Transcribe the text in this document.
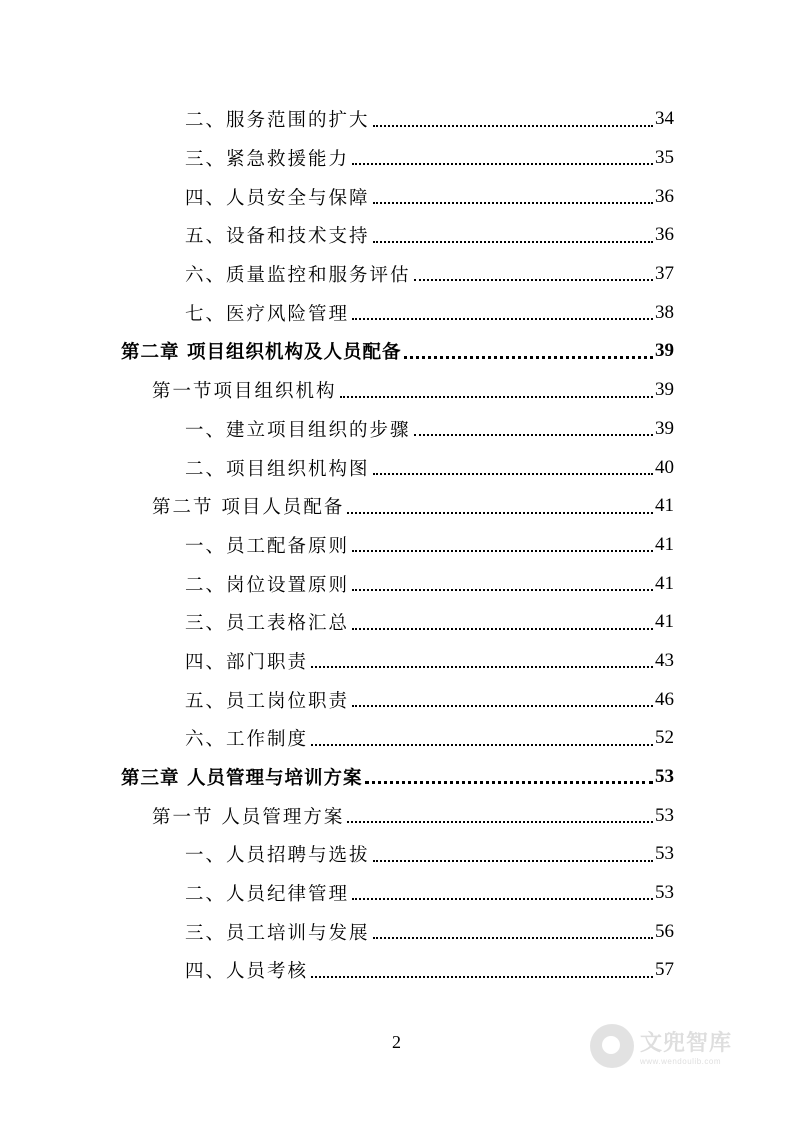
二、服务范围的扩大	34
三、紧急救援能力	35
四、人员安全与保障	36
五、设备和技术支持	36
六、质量监控和服务评估	37
七、医疗风险管理	38
第二章 项目组织机构及人员配备	39
第一节项目组织机构	39
一、建立项目组织的步骤	39
二、项目组织机构图	40
第二节 项目人员配备	41
一、员工配备原则	41
二、岗位设置原则	41
三、员工表格汇总	41
四、部门职责	43
五、员工岗位职责	46
六、工作制度	52
第三章 人员管理与培训方案	53
第一节 人员管理方案	53
一、人员招聘与选拔	53
二、人员纪律管理	53
三、员工培训与发展	56
四、人员考核	57
2	文兜智库
www.wendoulib.com
